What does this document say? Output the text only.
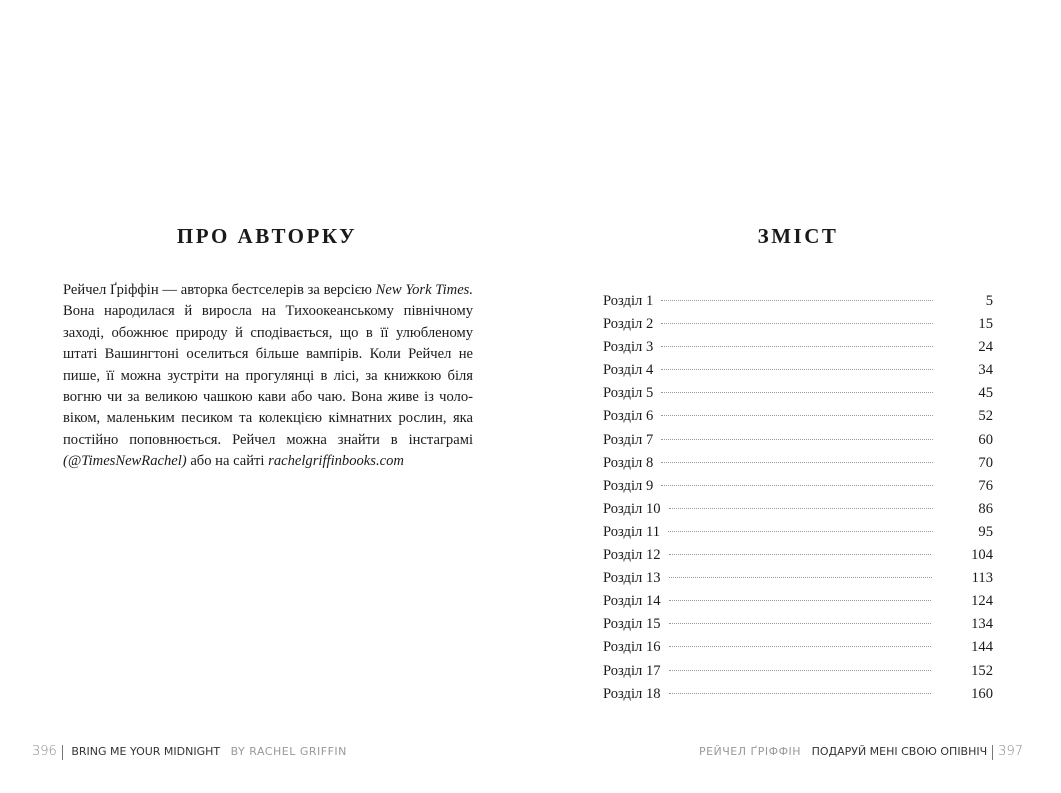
ПРО АВТОРКУ	ЗМІСТ
Рейчел Ґріффін — авторка бестселерів за версією New York Times.
Вона народилася й виросла на Тихоокеанському північному
заході, обожнює природу й сподівається, що в її улюбленому
штаті Вашингтоні оселиться більше вампірів. Коли Рейчел не
пише, її можна зустріти на прогулянці в лісі, за книжкою біля
вогню чи за великою чашкою кави або чаю. Вона живе із чоло-
віком, маленьким песиком та колекцією кімнатних рослин, яка
постійно поповнюється. Рейчел можна знайти в інстаграмі
(@TimesNewRachel) або на сайті rachelgriffinbooks.com
Розділ 1	5
Розділ 2	15
Розділ 3	24
Розділ 4	34
Розділ 5	45
Розділ 6	52
Розділ 7	60
Розділ 8	70
Розділ 9	76
Розділ 10	86
Розділ 11	95
Розділ 12	104
Розділ 13	113
Розділ 14	124
Розділ 15	134
Розділ 16	144
Розділ 17	152
Розділ 18	160
396 BRING ME YOUR MIDNIGHT BY RACHEL GRIFFIN	РЕЙЧЕЛ ҐРІФФІН ПОДАРУЙ МЕНІ СВОЮ ОПІВНІЧ 397
